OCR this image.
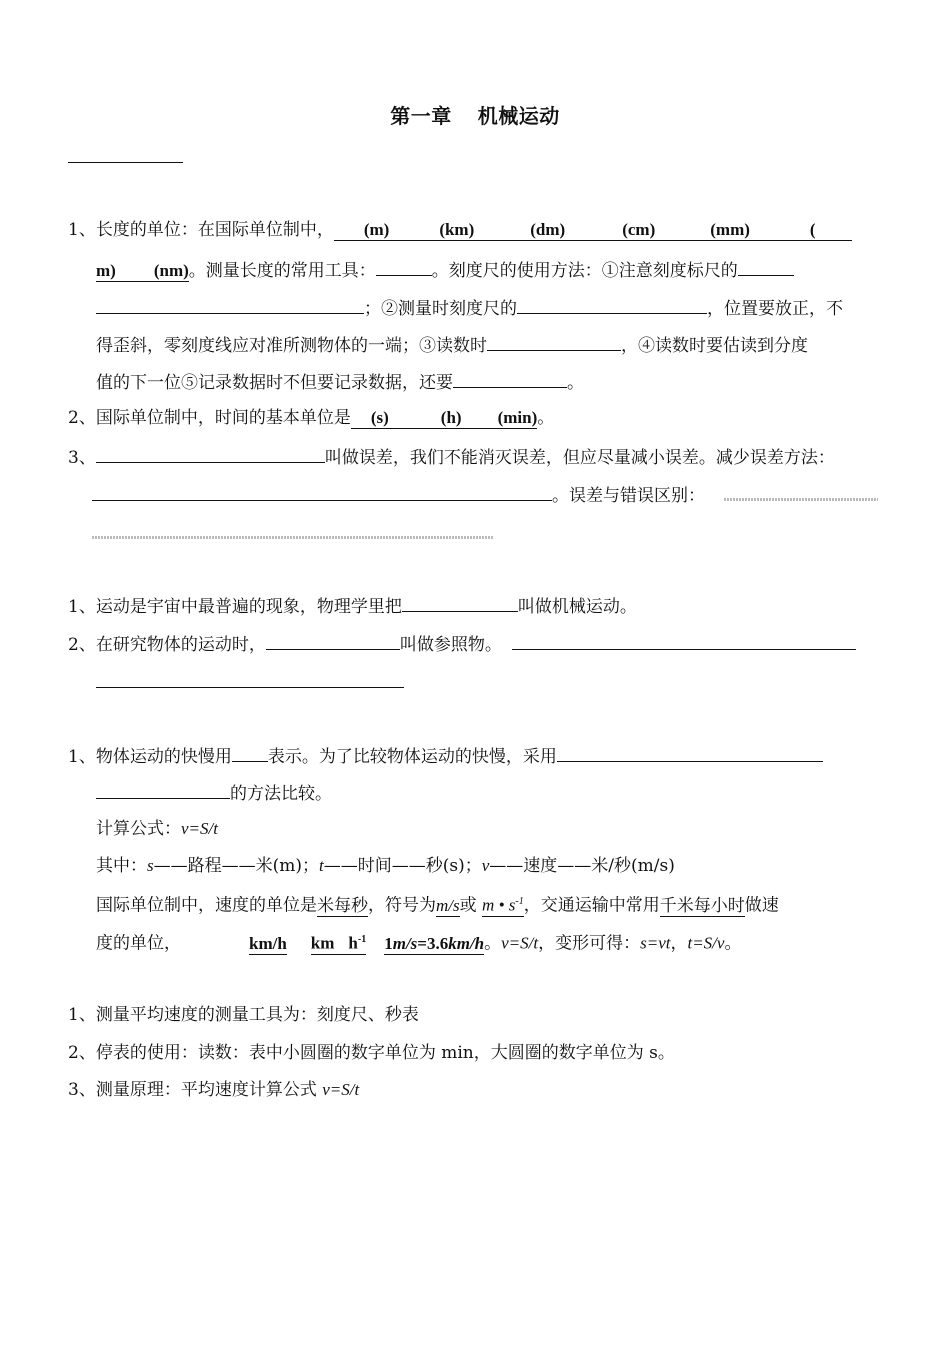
第一章 机械运动
1、长度的单位：在国际单位制中， (m)	(km)	(dm)	(cm)	(mm)	(
m) (nm)。测量长度的常用工具：	。刻度尺的使用方法：①注意刻度标尺的
；②测量时刻度尺的	，位置要放正，不
得歪斜，零刻度线应对准所测物体的一端；③读数时	，④读数时要估读到分度
值的下一位⑤记录数据时不但要记录数据，还要	。
2、国际单位制中，时间的基本单位是 (s)	(h) (min)。
3、	叫做误差，我们不能消灭误差，但应尽量减小误差。减少误差方法：
。误差与错误区别：
1、运动是宇宙中最普遍的现象，物理学里把	叫做机械运动。
2、在研究物体的运动时，	叫做参照物。
1、物体运动的快慢用 表示。为了比较物体运动的快慢，采用
的方法比较。
计算公式：v=S/t
其中：s——路程——米(m)；t——时间——秒(s)；v——速度——米/秒(m/s)
国际单位制中，速度的单位是米每秒，符号为m/s或 m • $s^{-1}$，交通运输中常用千米每小时做速
度的单位，	km/h km $h^{-1}$ 1m/s=3.6km/h。v=S/t，变形可得：s=vt，t=S/v。
1、测量平均速度的测量工具为：刻度尺、秒表
2、停表的使用：读数：表中小圆圈的数字单位为 min，大圆圈的数字单位为 s。
3、测量原理：平均速度计算公式 v=S/t
